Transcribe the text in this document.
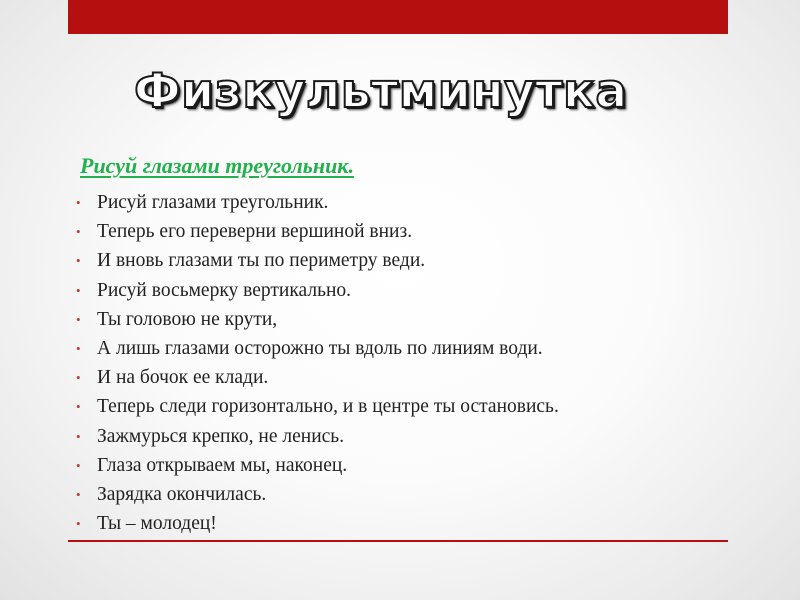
Физкультминутка
Рисуй глазами треугольник.
• Рисуй глазами треугольник.
• Теперь его переверни вершиной вниз.
• И вновь глазами ты по периметру веди.
• Рисуй восьмерку вертикально.
• Ты головою не крути,
• А лишь глазами осторожно ты вдоль по линиям води.
• И на бочок ее клади.
• Теперь следи горизонтально, и в центре ты остановись.
• Зажмурься крепко, не ленись.
• Глаза открываем мы, наконец.
• Зарядка окончилась.
• Ты – молодец!
